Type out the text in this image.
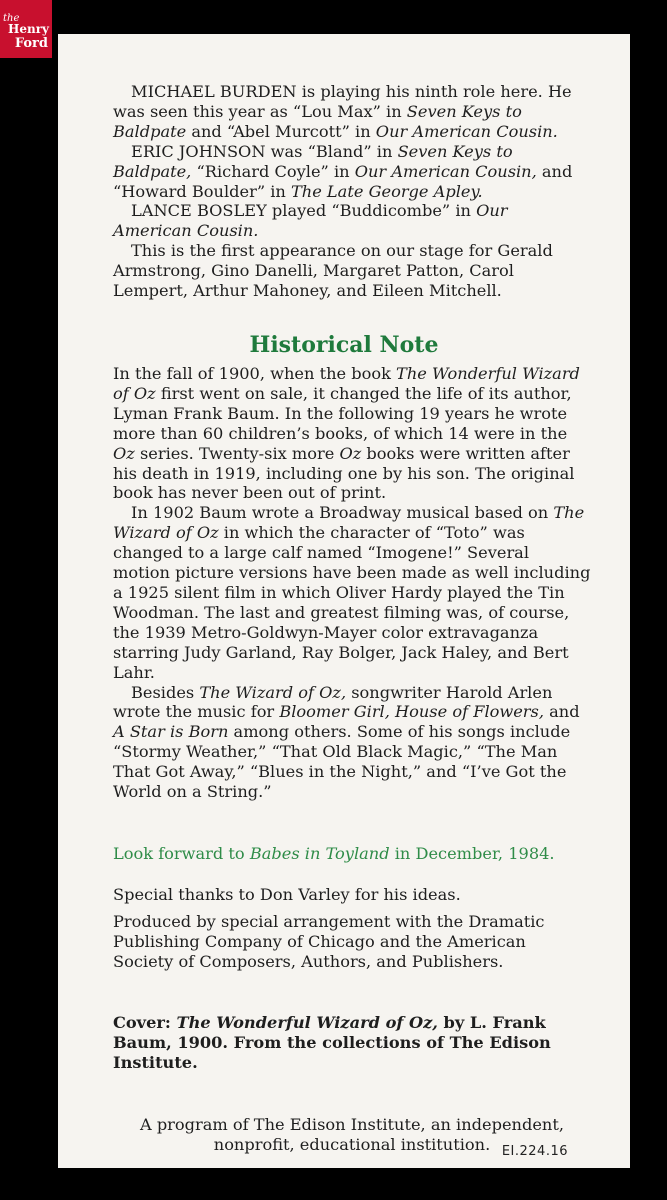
the
Henry
Ford

MICHAEL BURDEN is playing his ninth role here. He was seen this year as “Lou Max” in Seven Keys to Baldpate and “Abel Murcott” in Our American Cousin.

ERIC JOHNSON was “Bland” in Seven Keys to Baldpate, “Richard Coyle” in Our American Cousin, and “Howard Boulder” in The Late George Apley.

LANCE BOSLEY played “Buddicombe” in Our American Cousin.

This is the first appearance on our stage for Gerald Armstrong, Gino Danelli, Margaret Patton, Carol Lempert, Arthur Mahoney, and Eileen Mitchell.

Historical Note

In the fall of 1900, when the book The Wonderful Wizard of Oz first went on sale, it changed the life of its author, Lyman Frank Baum. In the following 19 years he wrote more than 60 children’s books, of which 14 were in the Oz series. Twenty-six more Oz books were written after his death in 1919, including one by his son. The original book has never been out of print.

In 1902 Baum wrote a Broadway musical based on The Wizard of Oz in which the character of “Toto” was changed to a large calf named “Imogene!” Several motion picture versions have been made as well including a 1925 silent film in which Oliver Hardy played the Tin Woodman. The last and greatest filming was, of course, the 1939 Metro-Goldwyn-Mayer color extravaganza starring Judy Garland, Ray Bolger, Jack Haley, and Bert Lahr.

Besides The Wizard of Oz, songwriter Harold Arlen wrote the music for Bloomer Girl, House of Flowers, and A Star is Born among others. Some of his songs include “Stormy Weather,” “That Old Black Magic,” “The Man That Got Away,” “Blues in the Night,” and “I’ve Got the World on a String.”

Look forward to Babes in Toyland in December, 1984.

Special thanks to Don Varley for his ideas.

Produced by special arrangement with the Dramatic Publishing Company of Chicago and the American Society of Composers, Authors, and Publishers.

Cover: The Wonderful Wizard of Oz, by L. Frank Baum, 1900. From the collections of The Edison Institute.

A program of The Edison Institute, an independent, nonprofit, educational institution. EI.224.16
